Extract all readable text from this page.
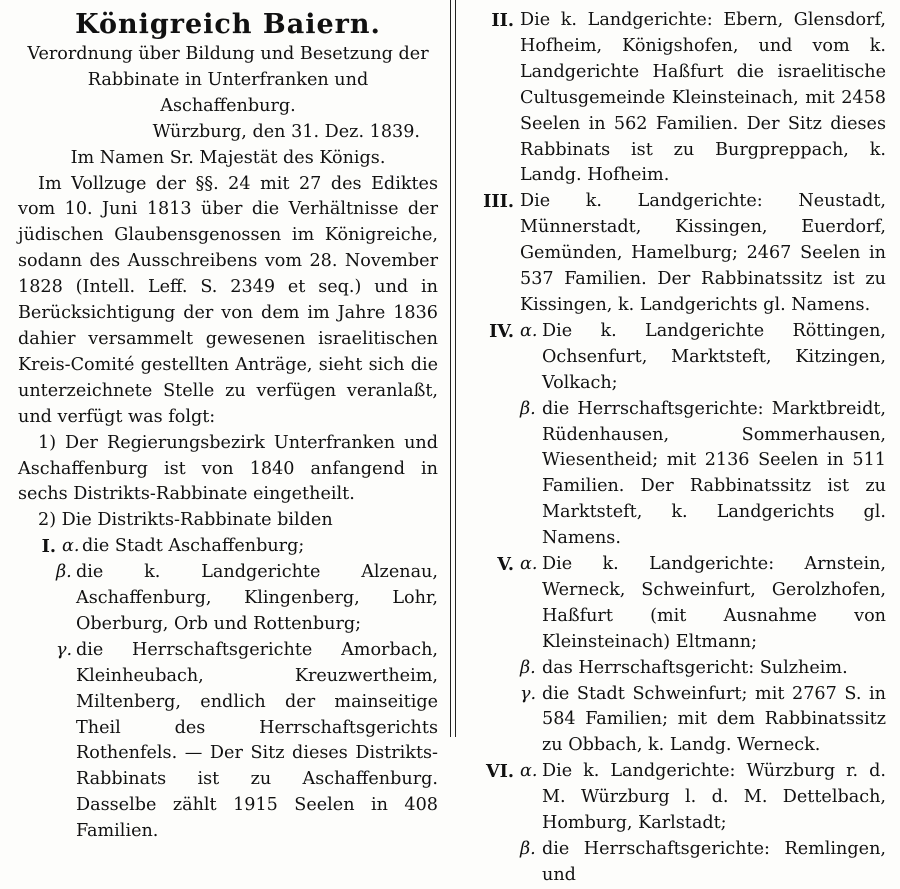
Königreich Baiern.
Verordnung über Bildung und Besetzung der
Rabbinate in Unterfranken und Aschaffenburg.
Würzburg, den 31. Dez. 1839.
Im Namen Sr. Majestät des Königs.
Im Vollzuge der §§. 24 mit 27 des Ediktes vom 10. Juni 1813 über die Verhältnisse der jüdischen Glaubensgenossen im Königreiche, sodann des Ausschreibens vom 28. November 1828 (Intell. Leff. S. 2349 et seq.) und in Berücksichtigung der von dem im Jahre 1836 dahier versammelt gewesenen israelitischen Kreis-Comité gestellten Anträge, sieht sich die unterzeichnete Stelle zu verfügen veranlaßt, und verfügt was folgt:
1) Der Regierungsbezirk Unterfranken und Aschaffenburg ist von 1840 anfangend in sechs Distrikts-Rabbinate eingetheilt.
2) Die Distrikts-Rabbinate bilden
I. α. die Stadt Aschaffenburg;
β. die k. Landgerichte Alzenau, Aschaffenburg, Klingenberg, Lohr, Oberburg, Orb und Rottenburg;
γ. die Herrschaftsgerichte Amorbach, Kleinheubach, Kreuzwertheim, Miltenberg, endlich der mainseitige Theil des Herrschaftsgerichts Rothenfels. — Der Sitz dieses Distrikts-Rabbinats ist zu Aschaffenburg. Dasselbe zählt 1915 Seelen in 408 Familien.
II. Die k. Landgerichte: Ebern, Glensdorf, Hofheim, Königshofen, und vom k. Landgerichte Haßfurt die israelitische Cultusgemeinde Kleinsteinach, mit 2458 Seelen in 562 Familien. Der Sitz dieses Rabbinats ist zu Burgpreppach, k. Landg. Hofheim.
III. Die k. Landgerichte: Neustadt, Münnerstadt, Kissingen, Euerdorf, Gemünden, Hamelburg; 2467 Seelen in 537 Familien. Der Rabbinatssitz ist zu Kissingen, k. Landgerichts gl. Namens.
IV. α. Die k. Landgerichte Röttingen, Ochsenfurt, Marktsteft, Kitzingen, Volkach;
β. die Herrschaftsgerichte: Marktbreidt, Rüdenhausen, Sommerhausen, Wiesentheid; mit 2136 Seelen in 511 Familien. Der Rabbinatssitz ist zu Marktsteft, k. Landgerichts gl. Namens.
V. α. Die k. Landgerichte: Arnstein, Werneck, Schweinfurt, Gerolzhofen, Haßfurt (mit Ausnahme von Kleinsteinach) Eltmann;
β. das Herrschaftsgericht: Sulzheim.
γ. die Stadt Schweinfurt; mit 2767 S. in 584 Familien; mit dem Rabbinatssitz zu Obbach, k. Landg. Werneck.
VI. α. Die k. Landgerichte: Würzburg r. d. M. Würzburg l. d. M. Dettelbach, Homburg, Karlstadt;
β. die Herrschaftsgerichte: Remlingen, und
